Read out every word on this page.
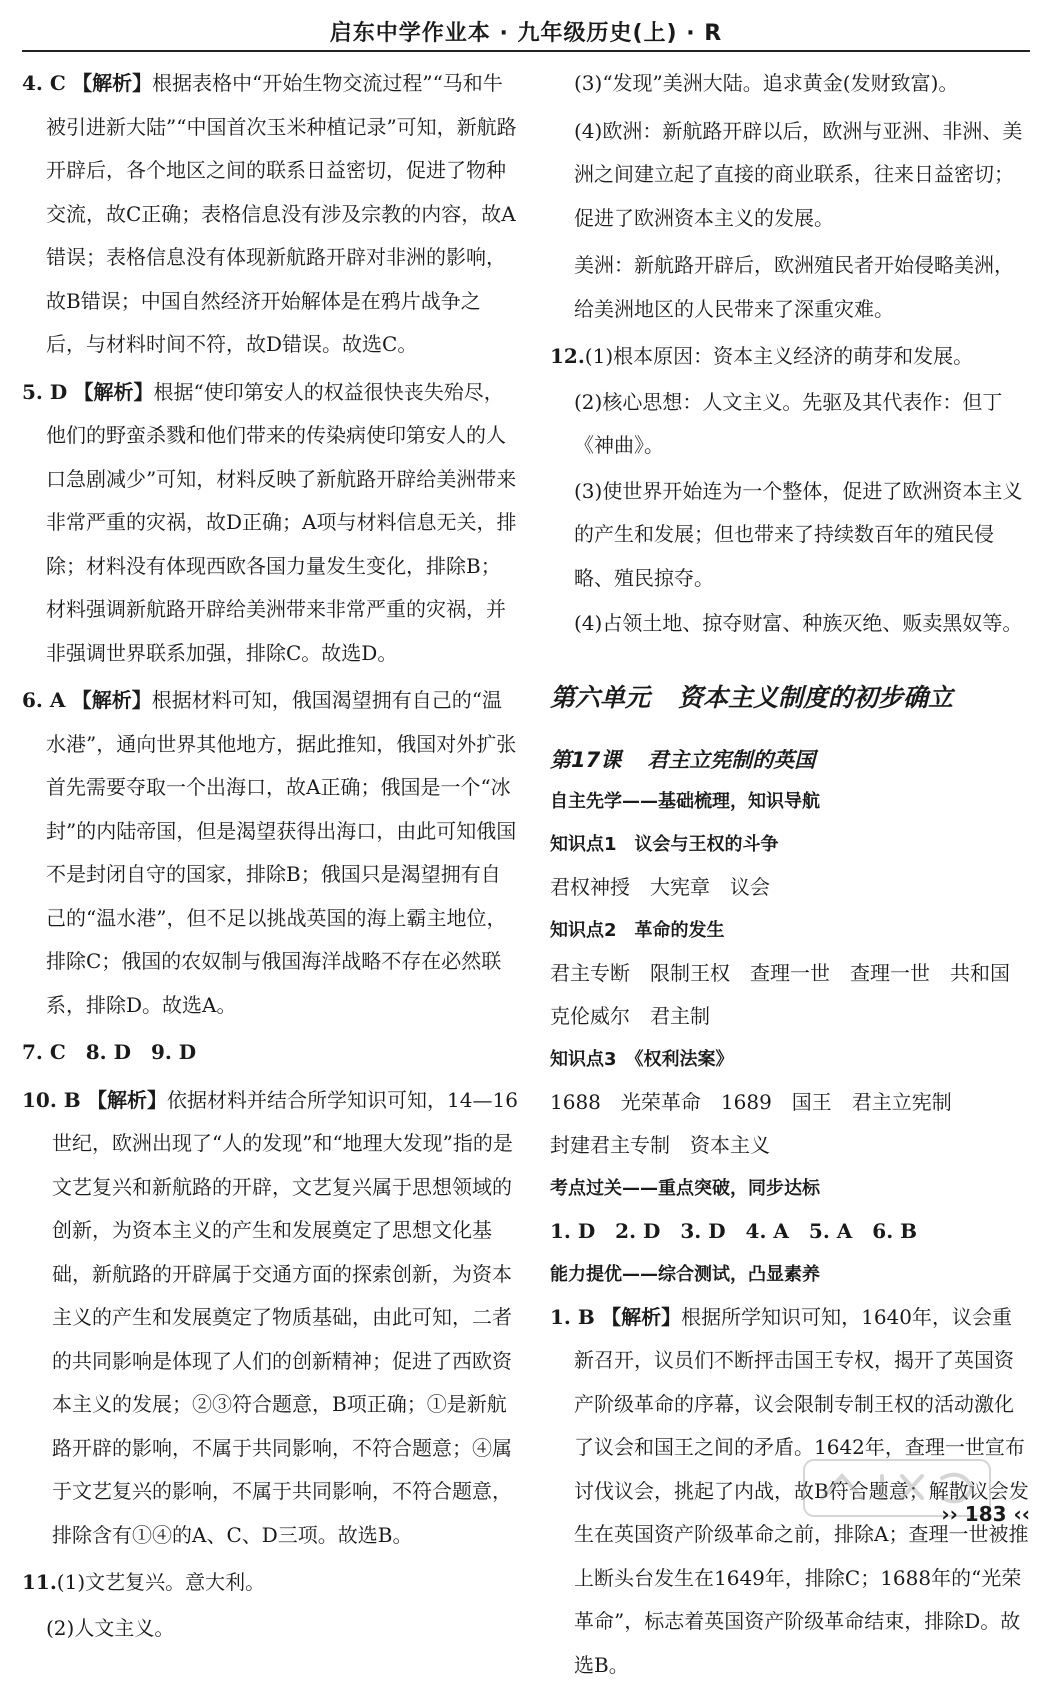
启东中学作业本 · 九年级历史(上) · R

4. C 【解析】根据表格中“开始生物交流过程”“马和牛被引进新大陆”“中国首次玉米种植记录”可知，新航路开辟后，各个地区之间的联系日益密切，促进了物种交流，故C正确；表格信息没有涉及宗教的内容，故A错误；表格信息没有体现新航路开辟对非洲的影响，故B错误；中国自然经济开始解体是在鸦片战争之后，与材料时间不符，故D错误。故选C。

5. D 【解析】根据“使印第安人的权益很快丧失殆尽，他们的野蛮杀戮和他们带来的传染病使印第安人的人口急剧减少”可知，材料反映了新航路开辟给美洲带来非常严重的灾祸，故D正确；A项与材料信息无关，排除；材料没有体现西欧各国力量发生变化，排除B；材料强调新航路开辟给美洲带来非常严重的灾祸，并非强调世界联系加强，排除C。故选D。

6. A 【解析】根据材料可知，俄国渴望拥有自己的“温水港”，通向世界其他地方，据此推知，俄国对外扩张首先需要夺取一个出海口，故A正确；俄国是一个“冰封”的内陆帝国，但是渴望获得出海口，由此可知俄国不是封闭自守的国家，排除B；俄国只是渴望拥有自己的“温水港”，但不足以挑战英国的海上霸主地位，排除C；俄国的农奴制与俄国海洋战略不存在必然联系，排除D。故选A。

7. C　8. D　9. D

10. B 【解析】依据材料并结合所学知识可知，14—16世纪，欧洲出现了“人的发现”和“地理大发现”指的是文艺复兴和新航路的开辟，文艺复兴属于思想领域的创新，为资本主义的产生和发展奠定了思想文化基础，新航路的开辟属于交通方面的探索创新，为资本主义的产生和发展奠定了物质基础，由此可知，二者的共同影响是体现了人们的创新精神；促进了西欧资本主义的发展；②③符合题意，B项正确；①是新航路开辟的影响，不属于共同影响，不符合题意；④属于文艺复兴的影响，不属于共同影响，不符合题意，排除含有①④的A、C、D三项。故选B。

11.(1)文艺复兴。意大利。

(2)人文主义。

(3)“发现”美洲大陆。追求黄金(发财致富)。

(4)欧洲：新航路开辟以后，欧洲与亚洲、非洲、美洲之间建立起了直接的商业联系，往来日益密切；促进了欧洲资本主义的发展。

美洲：新航路开辟后，欧洲殖民者开始侵略美洲，给美洲地区的人民带来了深重灾难。

12.(1)根本原因：资本主义经济的萌芽和发展。

(2)核心思想：人文主义。先驱及其代表作：但丁《神曲》。

(3)使世界开始连为一个整体，促进了欧洲资本主义的产生和发展；但也带来了持续数百年的殖民侵略、殖民掠夺。

(4)占领土地、掠夺财富、种族灭绝、贩卖黑奴等。

第六单元 资本主义制度的初步确立
第17课 君主立宪制的英国
自主先学——基础梳理，知识导航
知识点1　议会与王权的斗争
君权神授　大宪章　议会
知识点2　革命的发生
君主专断　限制王权　查理一世　查理一世　共和国
克伦威尔　君主制
知识点3　《权利法案》
1688　光荣革命　1689　国王　君主立宪制
封建君主专制　资本主义
考点过关——重点突破，同步达标
1. D　2. D　3. D　4. A　5. A　6. B
能力提优——综合测试，凸显素养

1. B 【解析】根据所学知识可知，1640年，议会重新召开，议员们不断抨击国王专权，揭开了英国资产阶级革命的序幕，议会限制专制王权的活动激化了议会和国王之间的矛盾。1642年，查理一世宣布讨伐议会，挑起了内战，故B符合题意；解散议会发生在英国资产阶级革命之前，排除A；查理一世被推上断头台发生在1649年，排除C；1688年的“光荣革命”，标志着英国资产阶级革命结束，排除D。故选B。

›› 183 ‹‹
